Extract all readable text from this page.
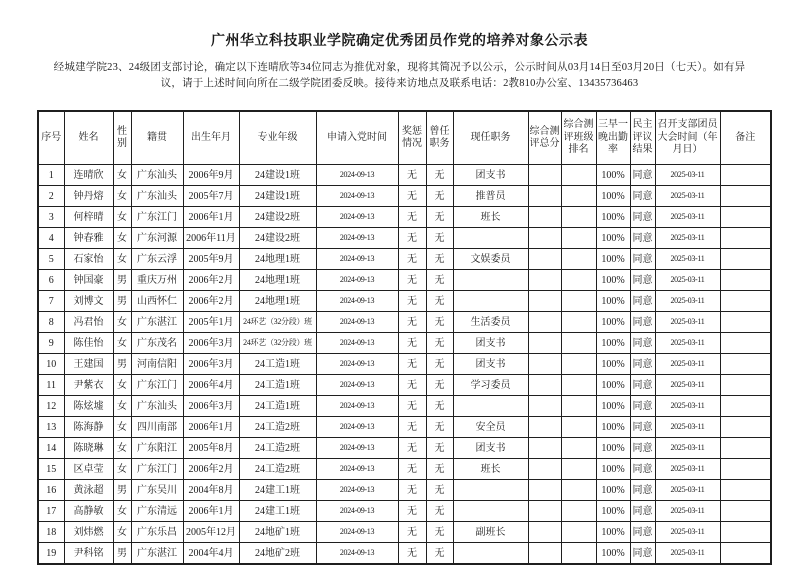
广州华立科技职业学院确定优秀团员作党的培养对象公示表

经城建学院23、24级团支部讨论，确定以下连晴欣等34位同志为推优对象，现将其简况予以公示，公示时间从03月14日至03月20日（七天）。如有异议，请于上述时间向所在二级学院团委反映。接待来访地点及联系电话：2教810办公室、13435736463

序号	姓名	性别	籍贯	出生年月	专业年级	申请入党时间	奖惩情况	曾任职务	现任职务	综合测评总分	综合测评班级排名	三早一晚出勤率	民主评议结果	召开支部团员大会时间（年月日）	备注
1	连晴欣	女	广东汕头	2006年9月	24建设1班	2024-09-13	无	无	团支书			100%	同意	2025-03-11	
2	钟丹熔	女	广东汕头	2005年7月	24建设1班	2024-09-13	无	无	推普员			100%	同意	2025-03-11	
3	何梓晴	女	广东江门	2006年1月	24建设2班	2024-09-13	无	无	班长			100%	同意	2025-03-11	
4	钟春雅	女	广东河源	2006年11月	24建设2班	2024-09-13	无	无				100%	同意	2025-03-11	
5	石家怡	女	广东云浮	2005年9月	24地理1班	2024-09-13	无	无	文娱委员			100%	同意	2025-03-11	
6	钟国豪	男	重庆万州	2006年2月	24地理1班	2024-09-13	无	无				100%	同意	2025-03-11	
7	刘博文	男	山西怀仁	2006年2月	24地理1班	2024-09-13	无	无				100%	同意	2025-03-11	
8	冯君怡	女	广东湛江	2005年1月	24环艺（32分段）班	2024-09-13	无	无	生活委员			100%	同意	2025-03-11	
9	陈佳怡	女	广东茂名	2006年3月	24环艺（32分段）班	2024-09-13	无	无	团支书			100%	同意	2025-03-11	
10	王建国	男	河南信阳	2006年3月	24工造1班	2024-09-13	无	无	团支书			100%	同意	2025-03-11	
11	尹紫衣	女	广东江门	2006年4月	24工造1班	2024-09-13	无	无	学习委员			100%	同意	2025-03-11	
12	陈炫墟	女	广东汕头	2006年3月	24工造1班	2024-09-13	无	无				100%	同意	2025-03-11	
13	陈海静	女	四川南部	2006年1月	24工造2班	2024-09-13	无	无	安全员			100%	同意	2025-03-11	
14	陈晓琳	女	广东阳江	2005年8月	24工造2班	2024-09-13	无	无	团支书			100%	同意	2025-03-11	
15	区卓莹	女	广东江门	2006年2月	24工造2班	2024-09-13	无	无	班长			100%	同意	2025-03-11	
16	黄泳超	男	广东吴川	2004年8月	24建工1班	2024-09-13	无	无				100%	同意	2025-03-11	
17	高静敏	女	广东清远	2006年1月	24建工1班	2024-09-13	无	无				100%	同意	2025-03-11	
18	刘炜燃	女	广东乐昌	2005年12月	24地矿1班	2024-09-13	无	无	副班长			100%	同意	2025-03-11	
19	尹科铭	男	广东湛江	2004年4月	24地矿2班	2024-09-13	无	无				100%	同意	2025-03-11	
